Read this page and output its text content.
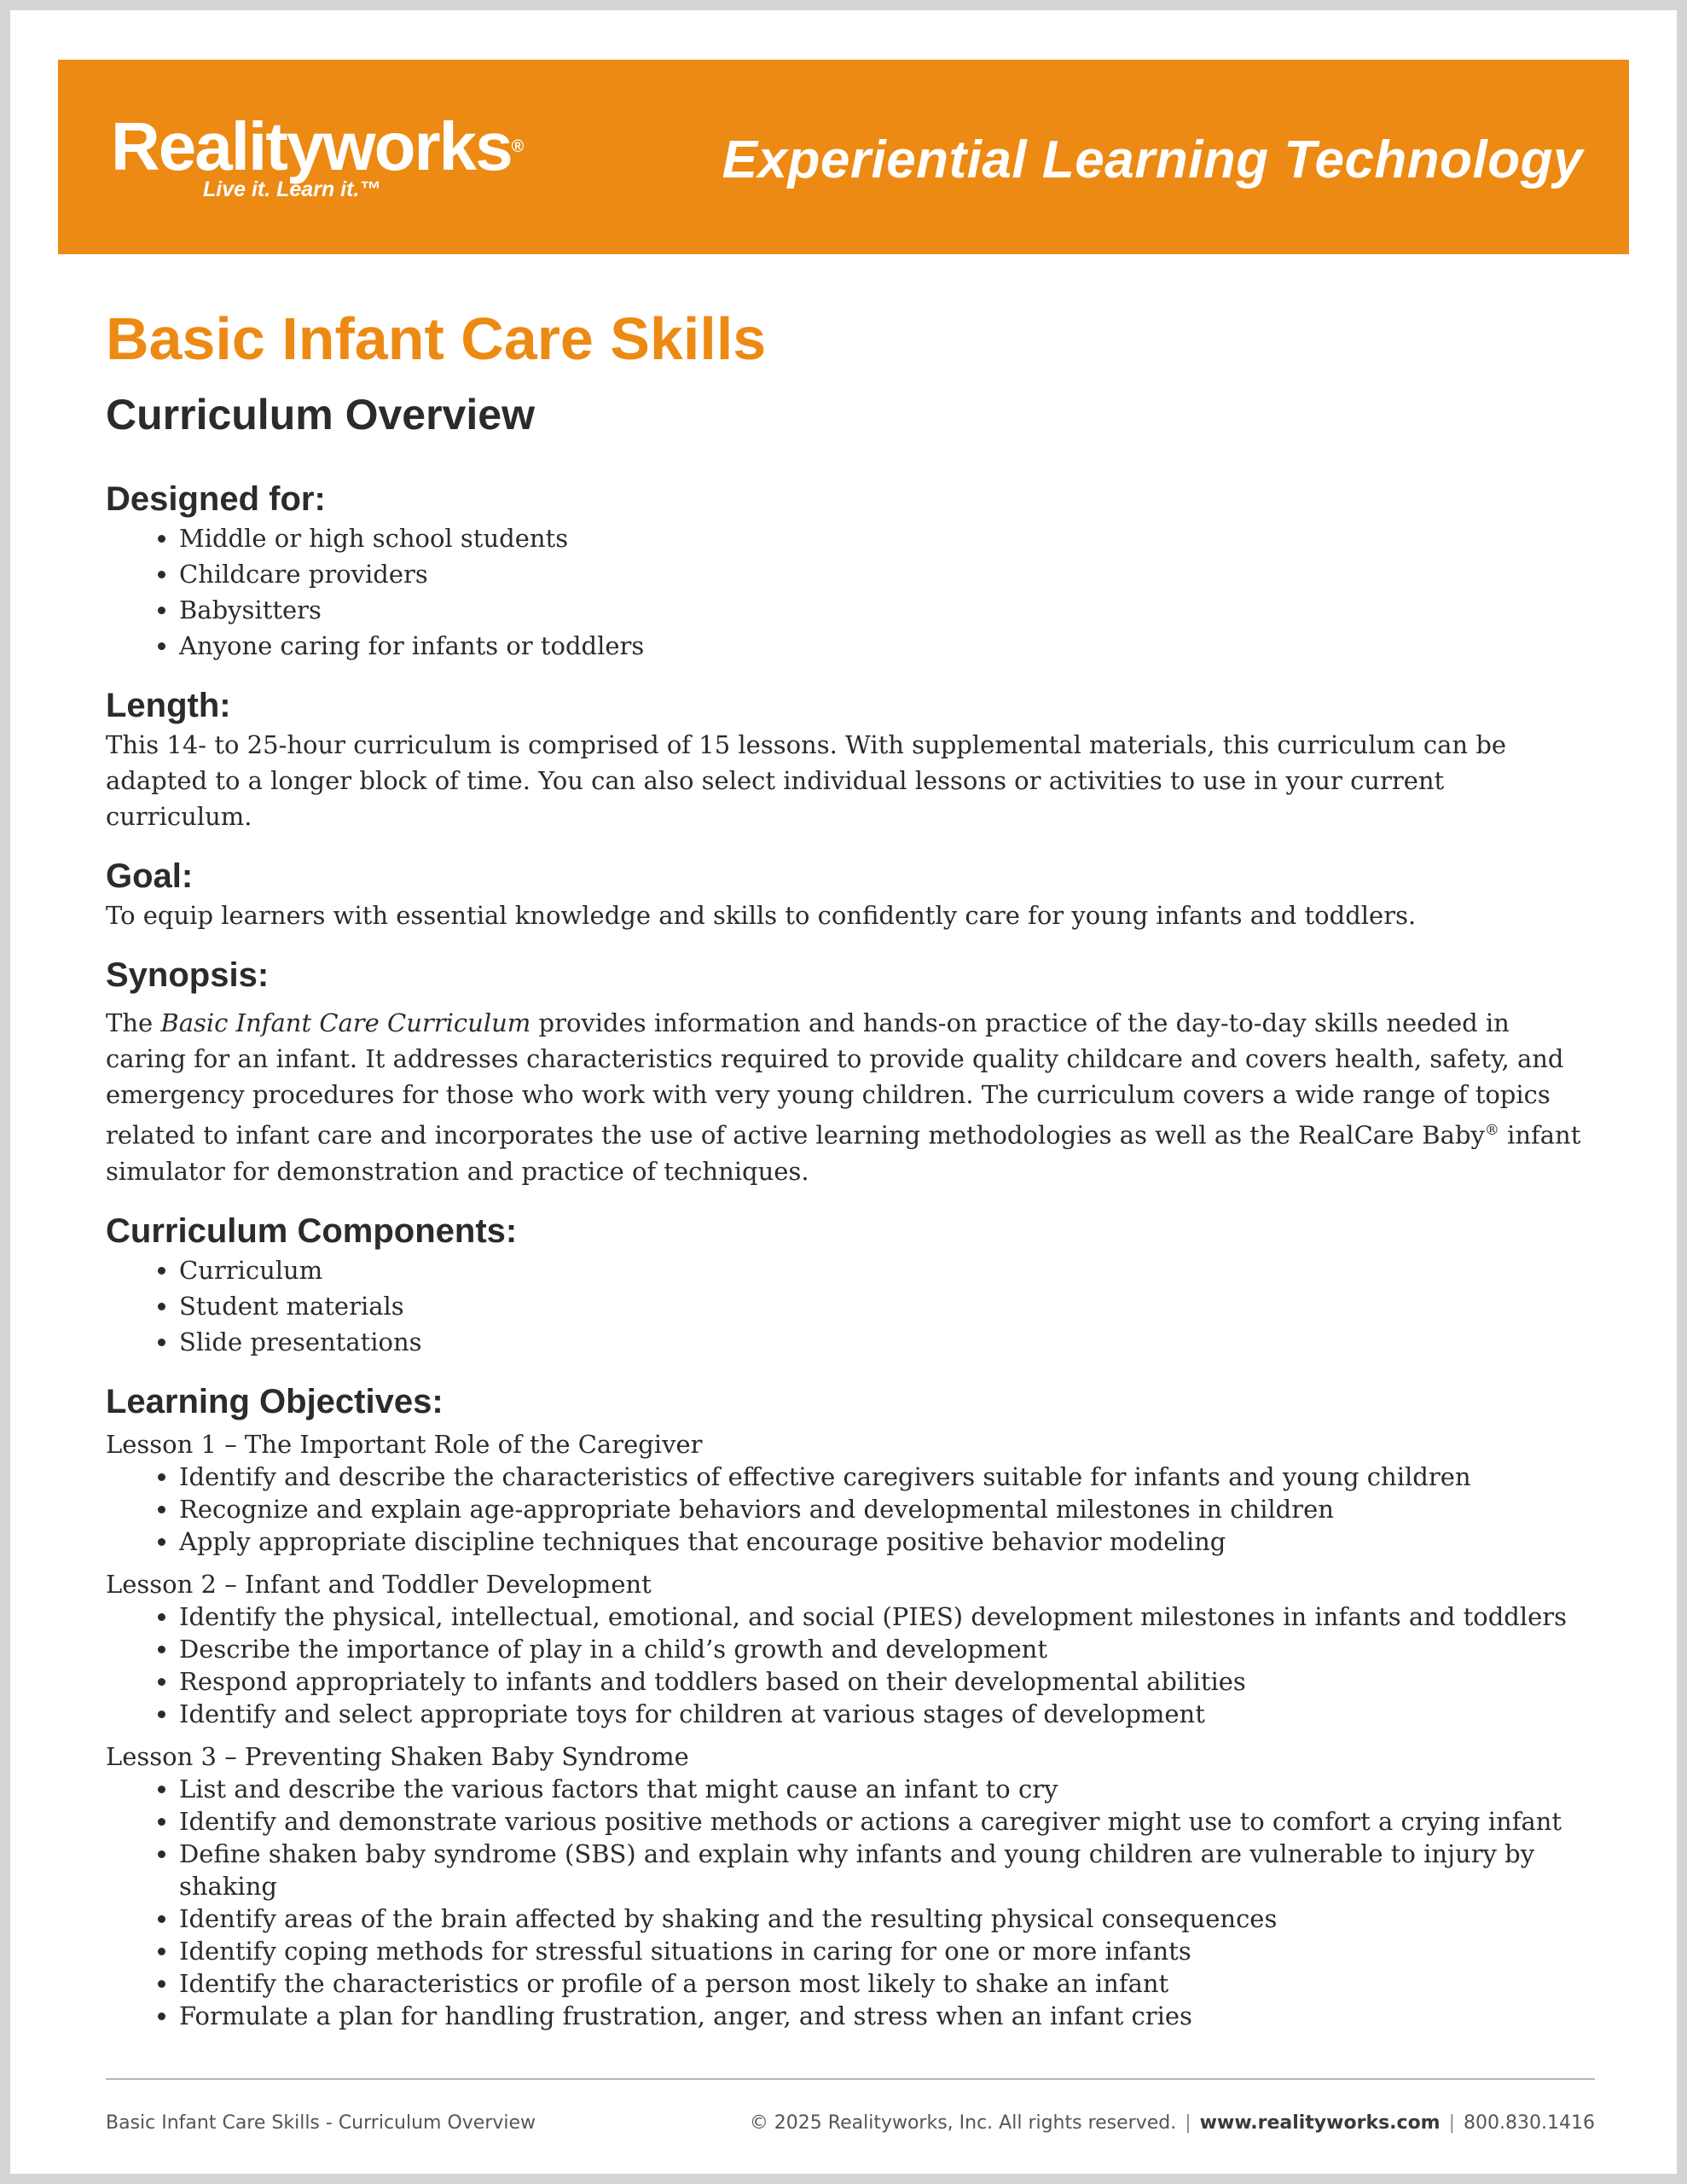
Realityworks®
Live it. Learn it.™	Experiential Learning Technology
Basic Infant Care Skills
Curriculum Overview
Designed for:
• Middle or high school students
• Childcare providers
• Babysitters
• Anyone caring for infants or toddlers
Length:

This 14- to 25-hour curriculum is comprised of 15 lessons. With supplemental materials, this curriculum can be adapted to a longer block of time. You can also select individual lessons or activities to use in your current curriculum.

Goal:

To equip learners with essential knowledge and skills to confidently care for young infants and toddlers.

Synopsis:

The Basic Infant Care Curriculum provides information and hands-on practice of the day-to-day skills needed in caring for an infant. It addresses characteristics required to provide quality childcare and covers health, safety, and emergency procedures for those who work with very young children. The curriculum covers a wide range of topics related to infant care and incorporates the use of active learning methodologies as well as the RealCare Baby® infant simulator for demonstration and practice of techniques.

Curriculum Components:
• Curriculum
• Student materials
• Slide presentations
Learning Objectives:
Lesson 1 – The Important Role of the Caregiver
• Identify and describe the characteristics of effective caregivers suitable for infants and young children
• Recognize and explain age-appropriate behaviors and developmental milestones in children
• Apply appropriate discipline techniques that encourage positive behavior modeling
Lesson 2 – Infant and Toddler Development
• Identify the physical, intellectual, emotional, and social (PIES) development milestones in infants and toddlers
• Describe the importance of play in a child’s growth and development
• Respond appropriately to infants and toddlers based on their developmental abilities
• Identify and select appropriate toys for children at various stages of development
Lesson 3 – Preventing Shaken Baby Syndrome
• List and describe the various factors that might cause an infant to cry
• Identify and demonstrate various positive methods or actions a caregiver might use to comfort a crying infant
• Define shaken baby syndrome (SBS) and explain why infants and young children are vulnerable to injury by shaking
• Identify areas of the brain affected by shaking and the resulting physical consequences
• Identify coping methods for stressful situations in caring for one or more infants
• Identify the characteristics or profile of a person most likely to shake an infant
• Formulate a plan for handling frustration, anger, and stress when an infant cries
Basic Infant Care Skills - Curriculum Overview	© 2025 Realityworks, Inc. All rights reserved. | www.realityworks.com | 800.830.1416
